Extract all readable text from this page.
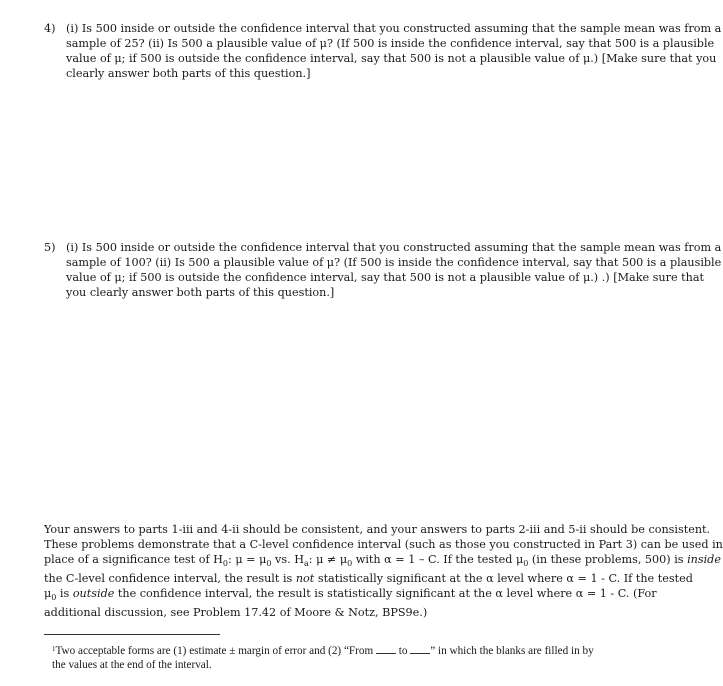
4) (i) Is 500 inside or outside the confidence interval that you constructed assuming that the sample mean was from a
sample of 25? (ii) Is 500 a plausible value of μ? (If 500 is inside the confidence interval, say that 500 is a plausible
value of μ; if 500 is outside the confidence interval, say that 500 is not a plausible value of μ.) [Make sure that you
clearly answer both parts of this question.]
5) (i) Is 500 inside or outside the confidence interval that you constructed assuming that the sample mean was from a
sample of 100? (ii) Is 500 a plausible value of μ? (If 500 is inside the confidence interval, say that 500 is a plausible
value of μ; if 500 is outside the confidence interval, say that 500 is not a plausible value of μ.) .) [Make sure that
you clearly answer both parts of this question.]
Your answers to parts 1-iii and 4-ii should be consistent, and your answers to parts 2-iii and 5-ii should be consistent.
These problems demonstrate that a C-level confidence interval (such as those you constructed in Part 3) can be used in
place of a significance test of $H_0$: $\mu = \mu_0$ vs. $H_a$: $\mu \ne \mu_0$ with α = 1 – C. If the tested $\mu_0$ (in these problems, 500) is inside
the C-level confidence interval, the result is not statistically significant at the α level where α = 1 - C. If the tested
$\mu_0$ is outside the confidence interval, the result is statistically significant at the α level where α = 1 - C. (For
additional discussion, see Problem 17.42 of Moore & Notz, BPS9e.)
$^1$Two acceptable forms are (1) estimate ± margin of error and (2) “From  to ” in which the blanks are filled in by
the values at the end of the interval.
